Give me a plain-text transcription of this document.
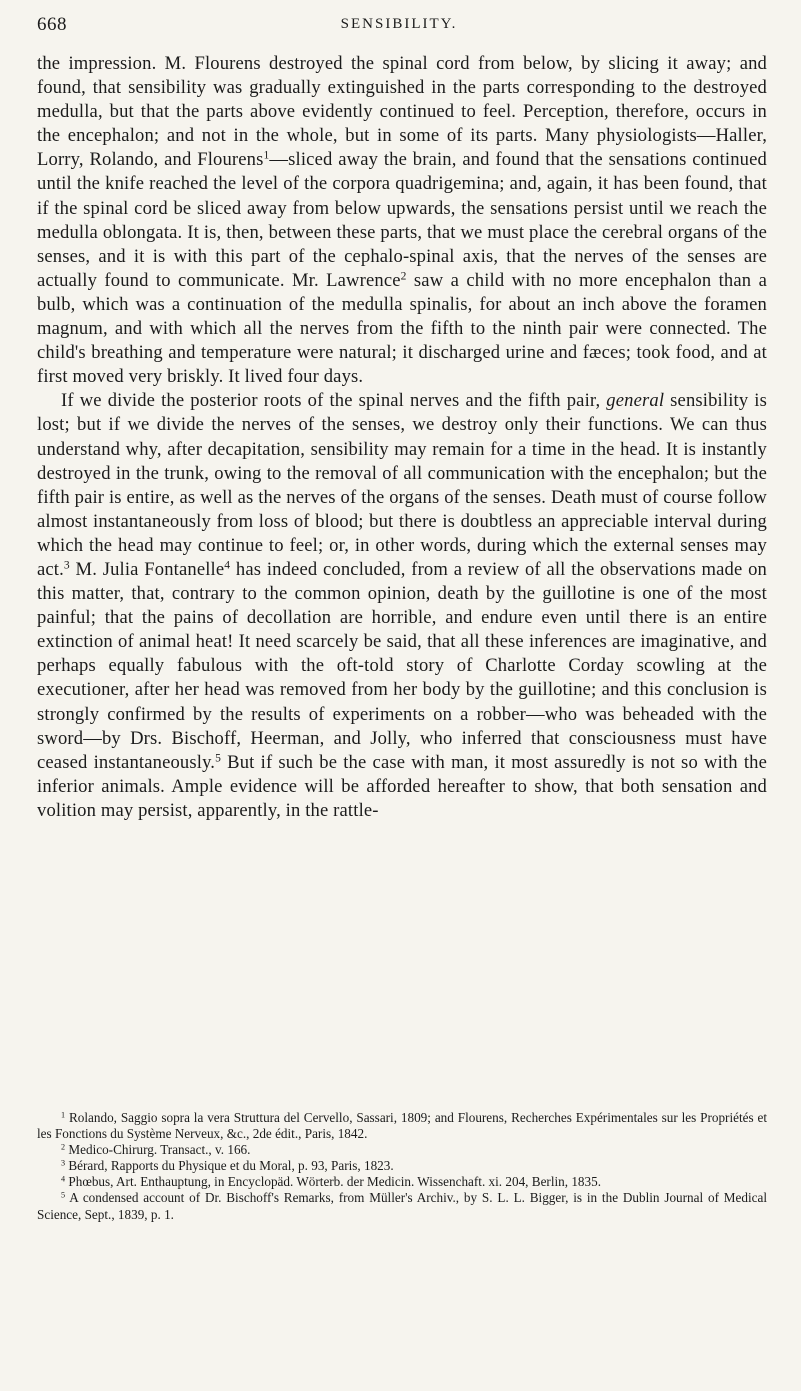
668	SENSIBILITY.

the impression. M. Flourens destroyed the spinal cord from below, by slicing it away; and found, that sensibility was gradually extinguished in the parts corresponding to the destroyed medulla, but that the parts above evidently continued to feel. Perception, therefore, occurs in the encephalon; and not in the whole, but in some of its parts. Many physiologists—Haller, Lorry, Rolando, and Flourens$^1$—sliced away the brain, and found that the sensations continued until the knife reached the level of the corpora quadrigemina; and, again, it has been found, that if the spinal cord be sliced away from below upwards, the sensations persist until we reach the medulla oblongata. It is, then, between these parts, that we must place the cerebral organs of the senses, and it is with this part of the cephalo-spinal axis, that the nerves of the senses are actually found to communicate. Mr. Lawrence$^2$ saw a child with no more encephalon than a bulb, which was a continuation of the medulla spinalis, for about an inch above the foramen magnum, and with which all the nerves from the fifth to the ninth pair were connected. The child's breathing and temperature were natural; it discharged urine and fæces; took food, and at first moved very briskly. It lived four days.

If we divide the posterior roots of the spinal nerves and the fifth pair, general sensibility is lost; but if we divide the nerves of the senses, we destroy only their functions. We can thus understand why, after decapitation, sensibility may remain for a time in the head. It is instantly destroyed in the trunk, owing to the removal of all communication with the encephalon; but the fifth pair is entire, as well as the nerves of the organs of the senses. Death must of course follow almost instantaneously from loss of blood; but there is doubtless an appreciable interval during which the head may continue to feel; or, in other words, during which the external senses may act.$^3$ M. Julia Fontanelle$^4$ has indeed concluded, from a review of all the observations made on this matter, that, contrary to the common opinion, death by the guillotine is one of the most painful; that the pains of decollation are horrible, and endure even until there is an entire extinction of animal heat! It need scarcely be said, that all these inferences are imaginative, and perhaps equally fabulous with the oft-told story of Charlotte Corday scowling at the executioner, after her head was removed from her body by the guillotine; and this conclusion is strongly confirmed by the results of experiments on a robber—who was beheaded with the sword—by Drs. Bischoff, Heerman, and Jolly, who inferred that consciousness must have ceased instantaneously.$^5$ But if such be the case with man, it most assuredly is not so with the inferior animals. Ample evidence will be afforded hereafter to show, that both sensation and volition may persist, apparently, in the rattle-

$^1$ Rolando, Saggio sopra la vera Struttura del Cervello, Sassari, 1809; and Flourens, Recherches Expérimentales sur les Propriétés et les Fonctions du Système Nerveux, &c., 2de édit., Paris, 1842.

$^2$ Medico-Chirurg. Transact., v. 166.

$^3$ Bérard, Rapports du Physique et du Moral, p. 93, Paris, 1823.

$^4$ Phœbus, Art. Enthauptung, in Encyclopäd. Wörterb. der Medicin. Wissenchaft. xi. 204, Berlin, 1835.

$^5$ A condensed account of Dr. Bischoff's Remarks, from Müller's Archiv., by S. L. L. Bigger, is in the Dublin Journal of Medical Science, Sept., 1839, p. 1.
